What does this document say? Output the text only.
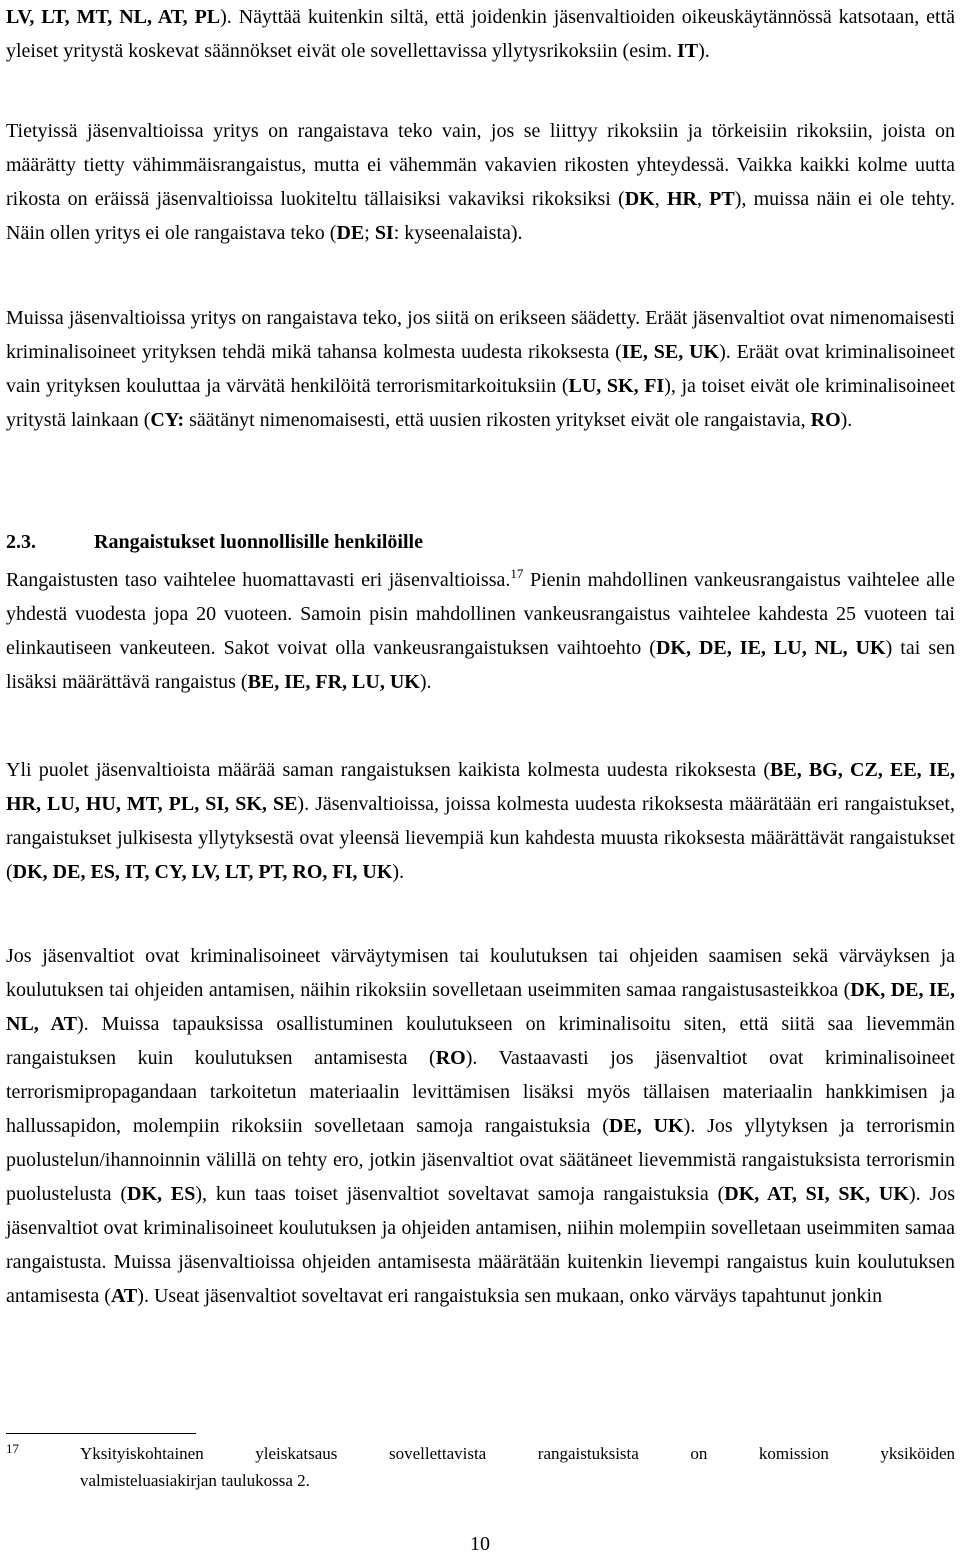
LV, LT, MT, NL, AT, PL). Näyttää kuitenkin siltä, että joidenkin jäsenvaltioiden oikeuskäytännössä katsotaan, että yleiset yritystä koskevat säännökset eivät ole sovellettavissa yllytysrikoksiin (esim. IT).

Tietyissä jäsenvaltioissa yritys on rangaistava teko vain, jos se liittyy rikoksiin ja törkeisiin rikoksiin, joista on määrätty tietty vähimmäisrangaistus, mutta ei vähemmän vakavien rikosten yhteydessä. Vaikka kaikki kolme uutta rikosta on eräissä jäsenvaltioissa luokiteltu tällaisiksi vakaviksi rikoksiksi (DK, HR, PT), muissa näin ei ole tehty. Näin ollen yritys ei ole rangaistava teko (DE; SI: kyseenalaista).

Muissa jäsenvaltioissa yritys on rangaistava teko, jos siitä on erikseen säädetty. Eräät jäsenvaltiot ovat nimenomaisesti kriminalisoineet yrityksen tehdä mikä tahansa kolmesta uudesta rikoksesta (IE, SE, UK). Eräät ovat kriminalisoineet vain yrityksen kouluttaa ja värvätä henkilöitä terrorismitarkoituksiin (LU, SK, FI), ja toiset eivät ole kriminalisoineet yritystä lainkaan (CY: säätänyt nimenomaisesti, että uusien rikosten yritykset eivät ole rangaistavia, RO).

2.3.	Rangaistukset luonnollisille henkilöille

Rangaistusten taso vaihtelee huomattavasti eri jäsenvaltioissa.$^{17}$ Pienin mahdollinen vankeusrangaistus vaihtelee alle yhdestä vuodesta jopa 20 vuoteen. Samoin pisin mahdollinen vankeusrangaistus vaihtelee kahdesta 25 vuoteen tai elinkautiseen vankeuteen. Sakot voivat olla vankeusrangaistuksen vaihtoehto (DK, DE, IE, LU, NL, UK) tai sen lisäksi määrättävä rangaistus (BE, IE, FR, LU, UK).

Yli puolet jäsenvaltioista määrää saman rangaistuksen kaikista kolmesta uudesta rikoksesta (BE, BG, CZ, EE, IE, HR, LU, HU, MT, PL, SI, SK, SE). Jäsenvaltioissa, joissa kolmesta uudesta rikoksesta määrätään eri rangaistukset, rangaistukset julkisesta yllytyksestä ovat yleensä lievempiä kun kahdesta muusta rikoksesta määrättävät rangaistukset (DK, DE, ES, IT, CY, LV, LT, PT, RO, FI, UK).

Jos jäsenvaltiot ovat kriminalisoineet värväytymisen tai koulutuksen tai ohjeiden saamisen sekä värväyksen ja koulutuksen tai ohjeiden antamisen, näihin rikoksiin sovelletaan useimmiten samaa rangaistusasteikkoa (DK, DE, IE, NL, AT). Muissa tapauksissa osallistuminen koulutukseen on kriminalisoitu siten, että siitä saa lievemmän rangaistuksen kuin koulutuksen antamisesta (RO). Vastaavasti jos jäsenvaltiot ovat kriminalisoineet terrorismipropagandaan tarkoitetun materiaalin levittämisen lisäksi myös tällaisen materiaalin hankkimisen ja hallussapidon, molempiin rikoksiin sovelletaan samoja rangaistuksia (DE, UK). Jos yllytyksen ja terrorismin puolustelun/ihannoinnin välillä on tehty ero, jotkin jäsenvaltiot ovat säätäneet lievemmistä rangaistuksista terrorismin puolustelusta (DK, ES), kun taas toiset jäsenvaltiot soveltavat samoja rangaistuksia (DK, AT, SI, SK, UK). Jos jäsenvaltiot ovat kriminalisoineet koulutuksen ja ohjeiden antamisen, niihin molempiin sovelletaan useimmiten samaa rangaistusta. Muissa jäsenvaltioissa ohjeiden antamisesta määrätään kuitenkin lievempi rangaistus kuin koulutuksen antamisesta (AT). Useat jäsenvaltiot soveltavat eri rangaistuksia sen mukaan, onko värväys tapahtunut jonkin

17	Yksityiskohtainen yleiskatsaus sovellettavista rangaistuksista on komission yksiköiden
valmisteluasiakirjan taulukossa 2.
10
